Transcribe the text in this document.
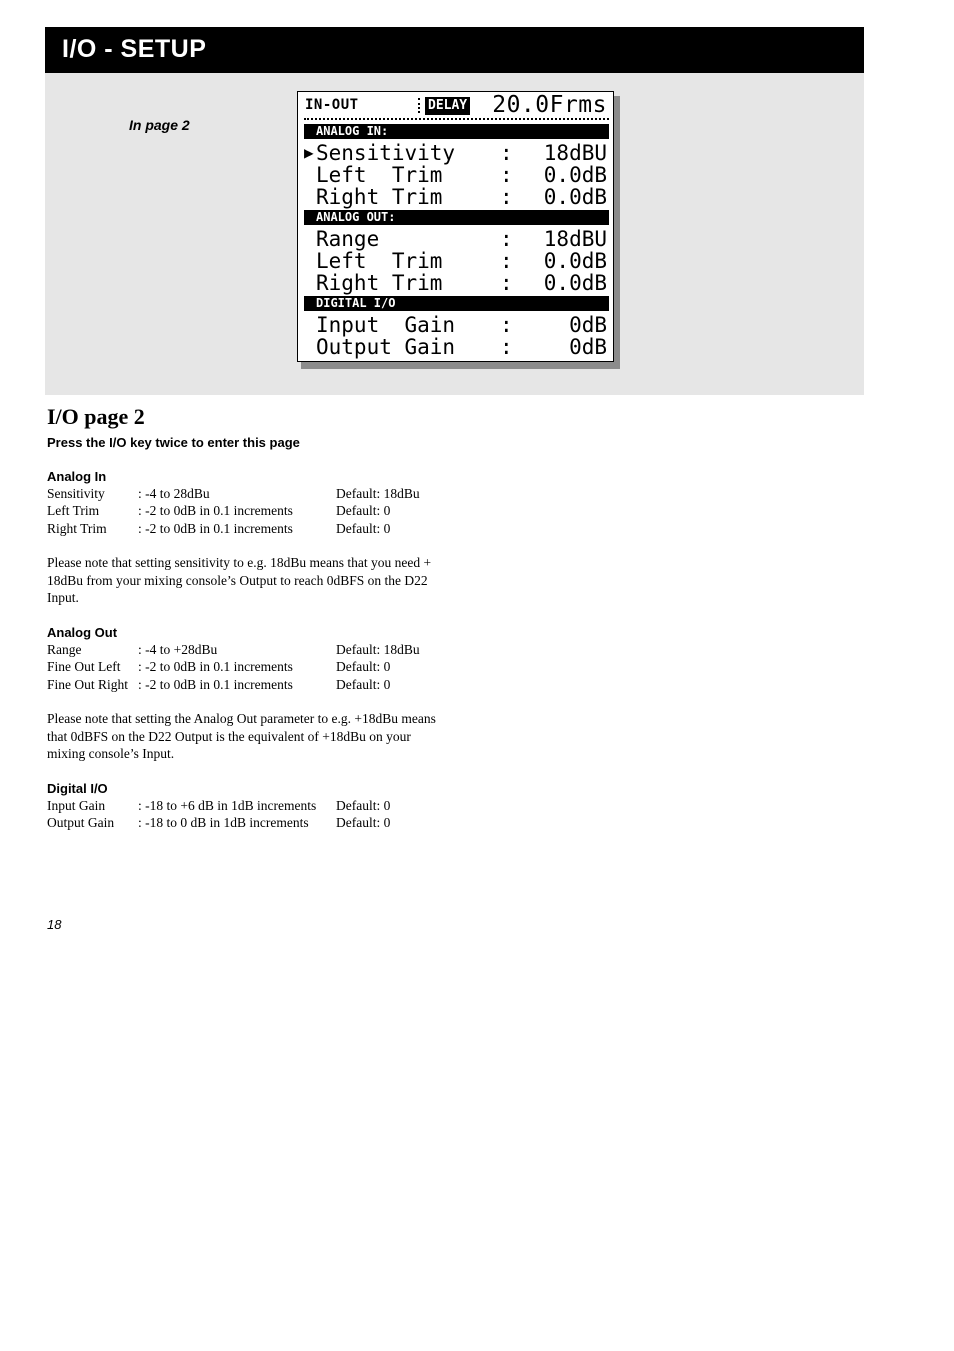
I/O - SETUP
In page 2
IN-OUT	DELAY 20.0Frms
ANALOG IN:
▶ Sensitivity : 18dBU
Left  Trim	: 0.0dB
Right Trim	: 0.0dB
ANALOG OUT:
Range	: 18dBU
Left  Trim	: 0.0dB
Right Trim	: 0.0dB
DIGITAL I/O
Input  Gain :	0dB
Output Gain :	0dB
I/O page 2
Press the I/O key twice to enter this page
Analog In
Sensitivity : -4 to 28dBu	Default: 18dBu
Left Trim	: -2 to 0dB in 0.1 increments	Default: 0
Right Trim : -2 to 0dB in 0.1 increments	Default: 0
Please note that setting sensitivity to e.g. 18dBu means that you need + 18dBu from your mixing console’s Output to reach 0dBFS on the D22 Input.
Analog Out
Range	: -4 to +28dBu	Default: 18dBu
Fine Out Left : -2 to 0dB in 0.1 increments	Default: 0
Fine Out Right : -2 to 0dB in 0.1 increments	Default: 0
Please note that setting the Analog Out parameter to e.g. +18dBu means that 0dBFS on the D22 Output is the equivalent of +18dBu on your mixing console’s Input.
Digital I/O
Input Gain : -18 to +6 dB in 1dB increments Default: 0
Output Gain : -18 to 0 dB in 1dB increments Default: 0
18
